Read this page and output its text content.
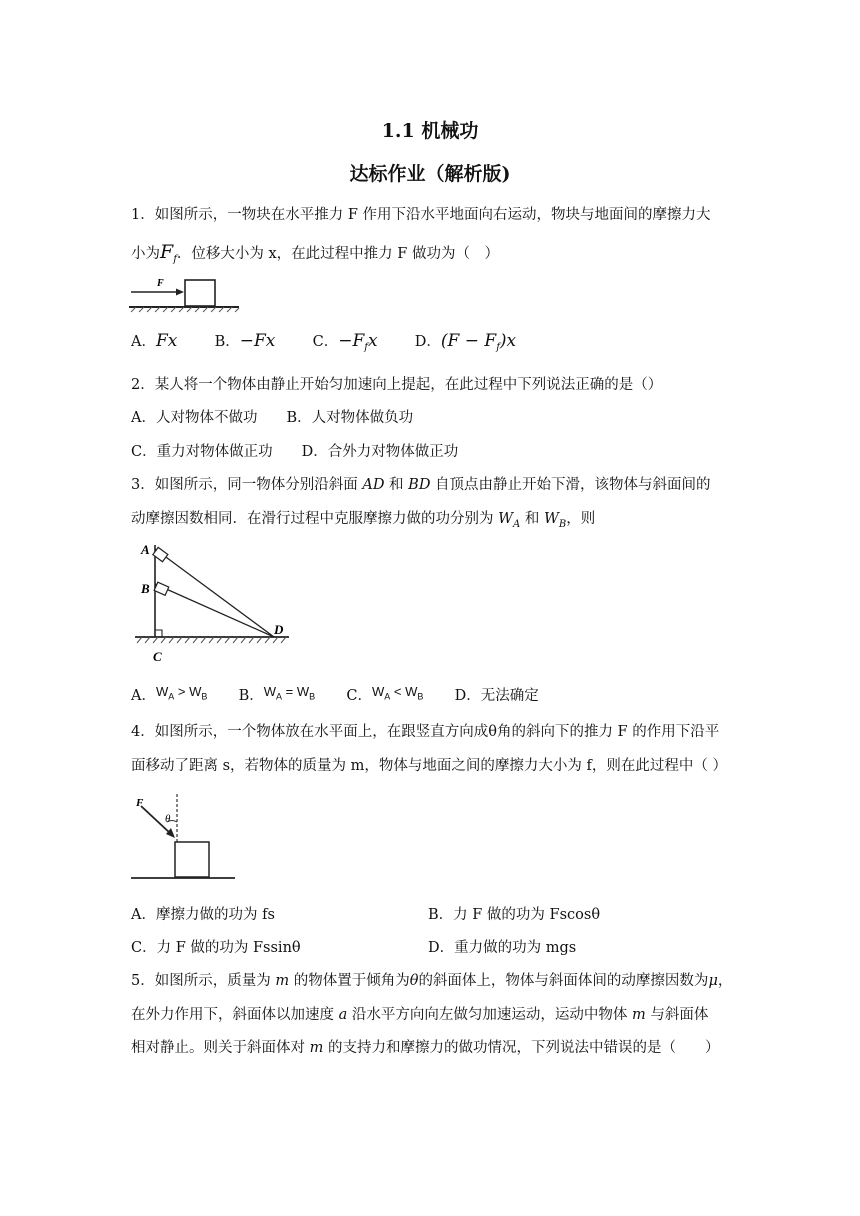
1.1 机械功
达标作业（解析版)
1．如图所示，一物块在水平推力 F 作用下沿水平地面向右运动，物块与地面间的摩擦力大
小为$F_f$．位移大小为 x，在此过程中推力 F 做功为（　）
F
A．Fx	B．−Fx	C．$-F_fx$	D．$(F - F_f)x$
2．某人将一个物体由静止开始匀加速向上提起，在此过程中下列说法正确的是（）
A．人对物体不做功　　B．人对物体做负功
C．重力对物体做正功　　D．合外力对物体做正功
3．如图所示，同一物体分别沿斜面 AD 和 BD 自顶点由静止开始下滑，该物体与斜面间的
动摩擦因数相同．在滑行过程中克服摩擦力做的功分别为 $W_A$ 和 $W_B$，则
A
B
C
D
A．$W_A > W_B$ B．$W_A = W_B$ C．$W_A < W_B$ D．无法确定
4．如图所示，一个物体放在水平面上，在跟竖直方向成θ角的斜向下的推力 F 的作用下沿平
面移动了距离 s，若物体的质量为 m，物体与地面之间的摩擦力大小为 f，则在此过程中（ ）
F
θ
A．摩擦力做的功为 fs	B．力 F 做的功为 Fscosθ
C．力 F 做的功为 Fssinθ	D．重力做的功为 mgs
5．如图所示，质量为 m 的物体置于倾角为θ的斜面体上，物体与斜面体间的动摩擦因数为μ，
在外力作用下，斜面体以加速度 a 沿水平方向向左做匀加速运动，运动中物体 m 与斜面体
相对静止。则关于斜面体对 m 的支持力和摩擦力的做功情况，下列说法中错误的是（　　）
